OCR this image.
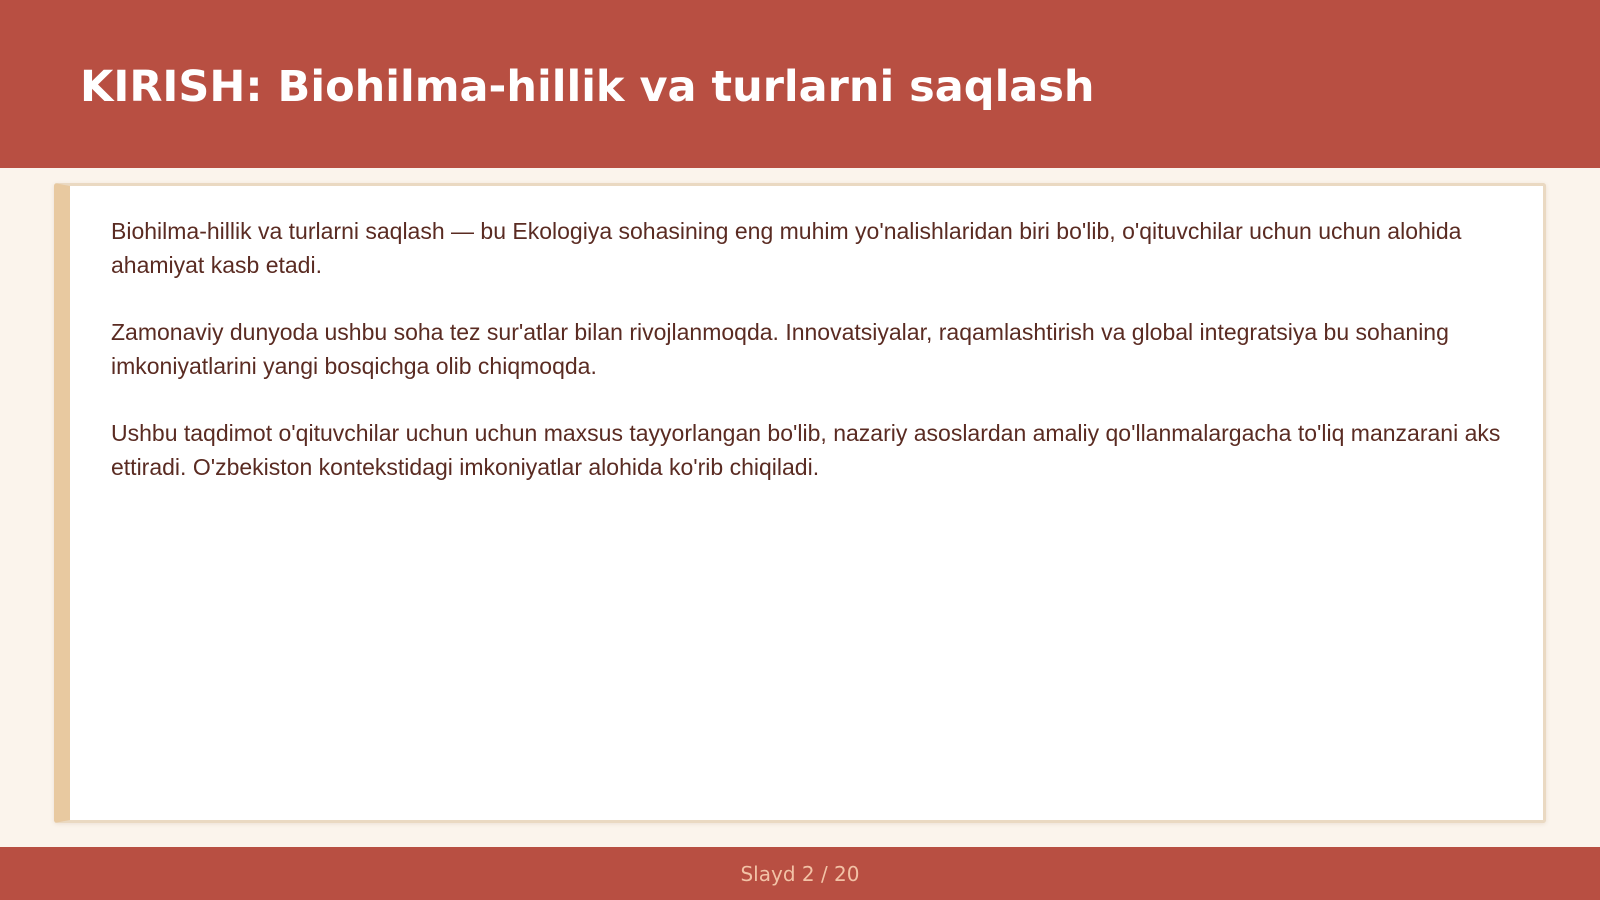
KIRISH: Biohilma-hillik va turlarni saqlash

Biohilma-hillik va turlarni saqlash — bu Ekologiya sohasining eng muhim yo'nalishlaridan biri bo'lib, o'qituvchilar uchun uchun alohida ahamiyat kasb etadi.

Zamonaviy dunyoda ushbu soha tez sur'atlar bilan rivojlanmoqda. Innovatsiyalar, raqamlashtirish va global integratsiya bu sohaning imkoniyatlarini yangi bosqichga olib chiqmoqda.

Ushbu taqdimot o'qituvchilar uchun uchun maxsus tayyorlangan bo'lib, nazariy asoslardan amaliy qo'llanmalargacha to'liq manzarani aks ettiradi. O'zbekiston kontekstidagi imkoniyatlar alohida ko'rib chiqiladi.

Slayd 2 / 20
